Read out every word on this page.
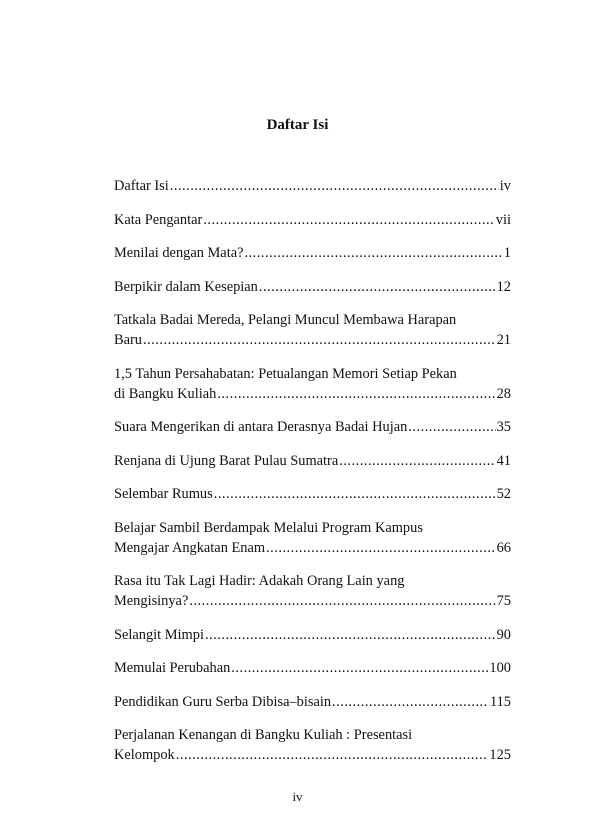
Daftar Isi
Daftar Isi .....	iv
Kata Pengantar .....	vii
Menilai dengan Mata? .....	1
Berpikir dalam Kesepian .....	12
Tatkala Badai Mereda, Pelangi Muncul Membawa Harapan
Baru .....	21
1,5 Tahun Persahabatan: Petualangan Memori Setiap Pekan
di Bangku Kuliah .....	28
Suara Mengerikan di antara Derasnya Badai Hujan .....	35
Renjana di Ujung Barat Pulau Sumatra .....	41
Selembar Rumus .....	52
Belajar Sambil Berdampak Melalui Program Kampus
Mengajar Angkatan Enam .....	66
Rasa itu Tak Lagi Hadir: Adakah Orang Lain yang
Mengisinya? .....	75
Selangit Mimpi .....	90
Memulai Perubahan .....	100
Pendidikan Guru Serba Dibisa–bisain .....	115
Perjalanan Kenangan di Bangku Kuliah : Presentasi
Kelompok .....	125
iv
